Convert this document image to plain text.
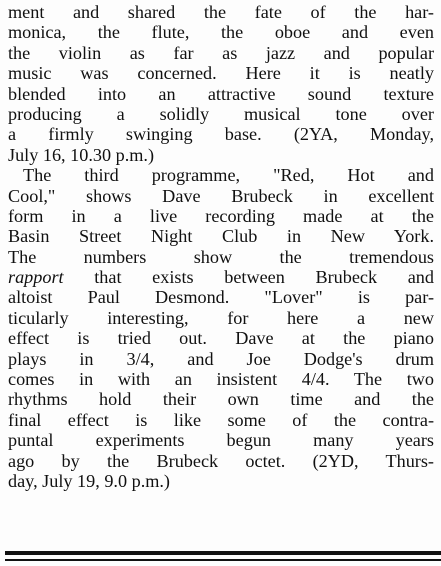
ment and shared the fate of the har-
monica, the flute, the oboe and even
the violin as far as jazz and popular
music was concerned. Here it is neatly
blended into an attractive sound texture
producing a solidly musical tone over
a firmly swinging base. (2YA, Monday,
July 16, 10.30 p.m.)
The third programme, "Red, Hot and
Cool," shows Dave Brubeck in excellent
form in a live recording made at the
Basin Street Night Club in New York.
The numbers show the tremendous
rapport that exists between Brubeck and
altoist Paul Desmond. "Lover" is par-
ticularly interesting, for here a new
effect is tried out. Dave at the piano
plays in 3/4, and Joe Dodge's drum
comes in with an insistent 4/4. The two
rhythms hold their own time and the
final effect is like some of the contra-
puntal experiments begun many years
ago by the Brubeck octet. (2YD, Thurs-
day, July 19, 9.0 p.m.)
